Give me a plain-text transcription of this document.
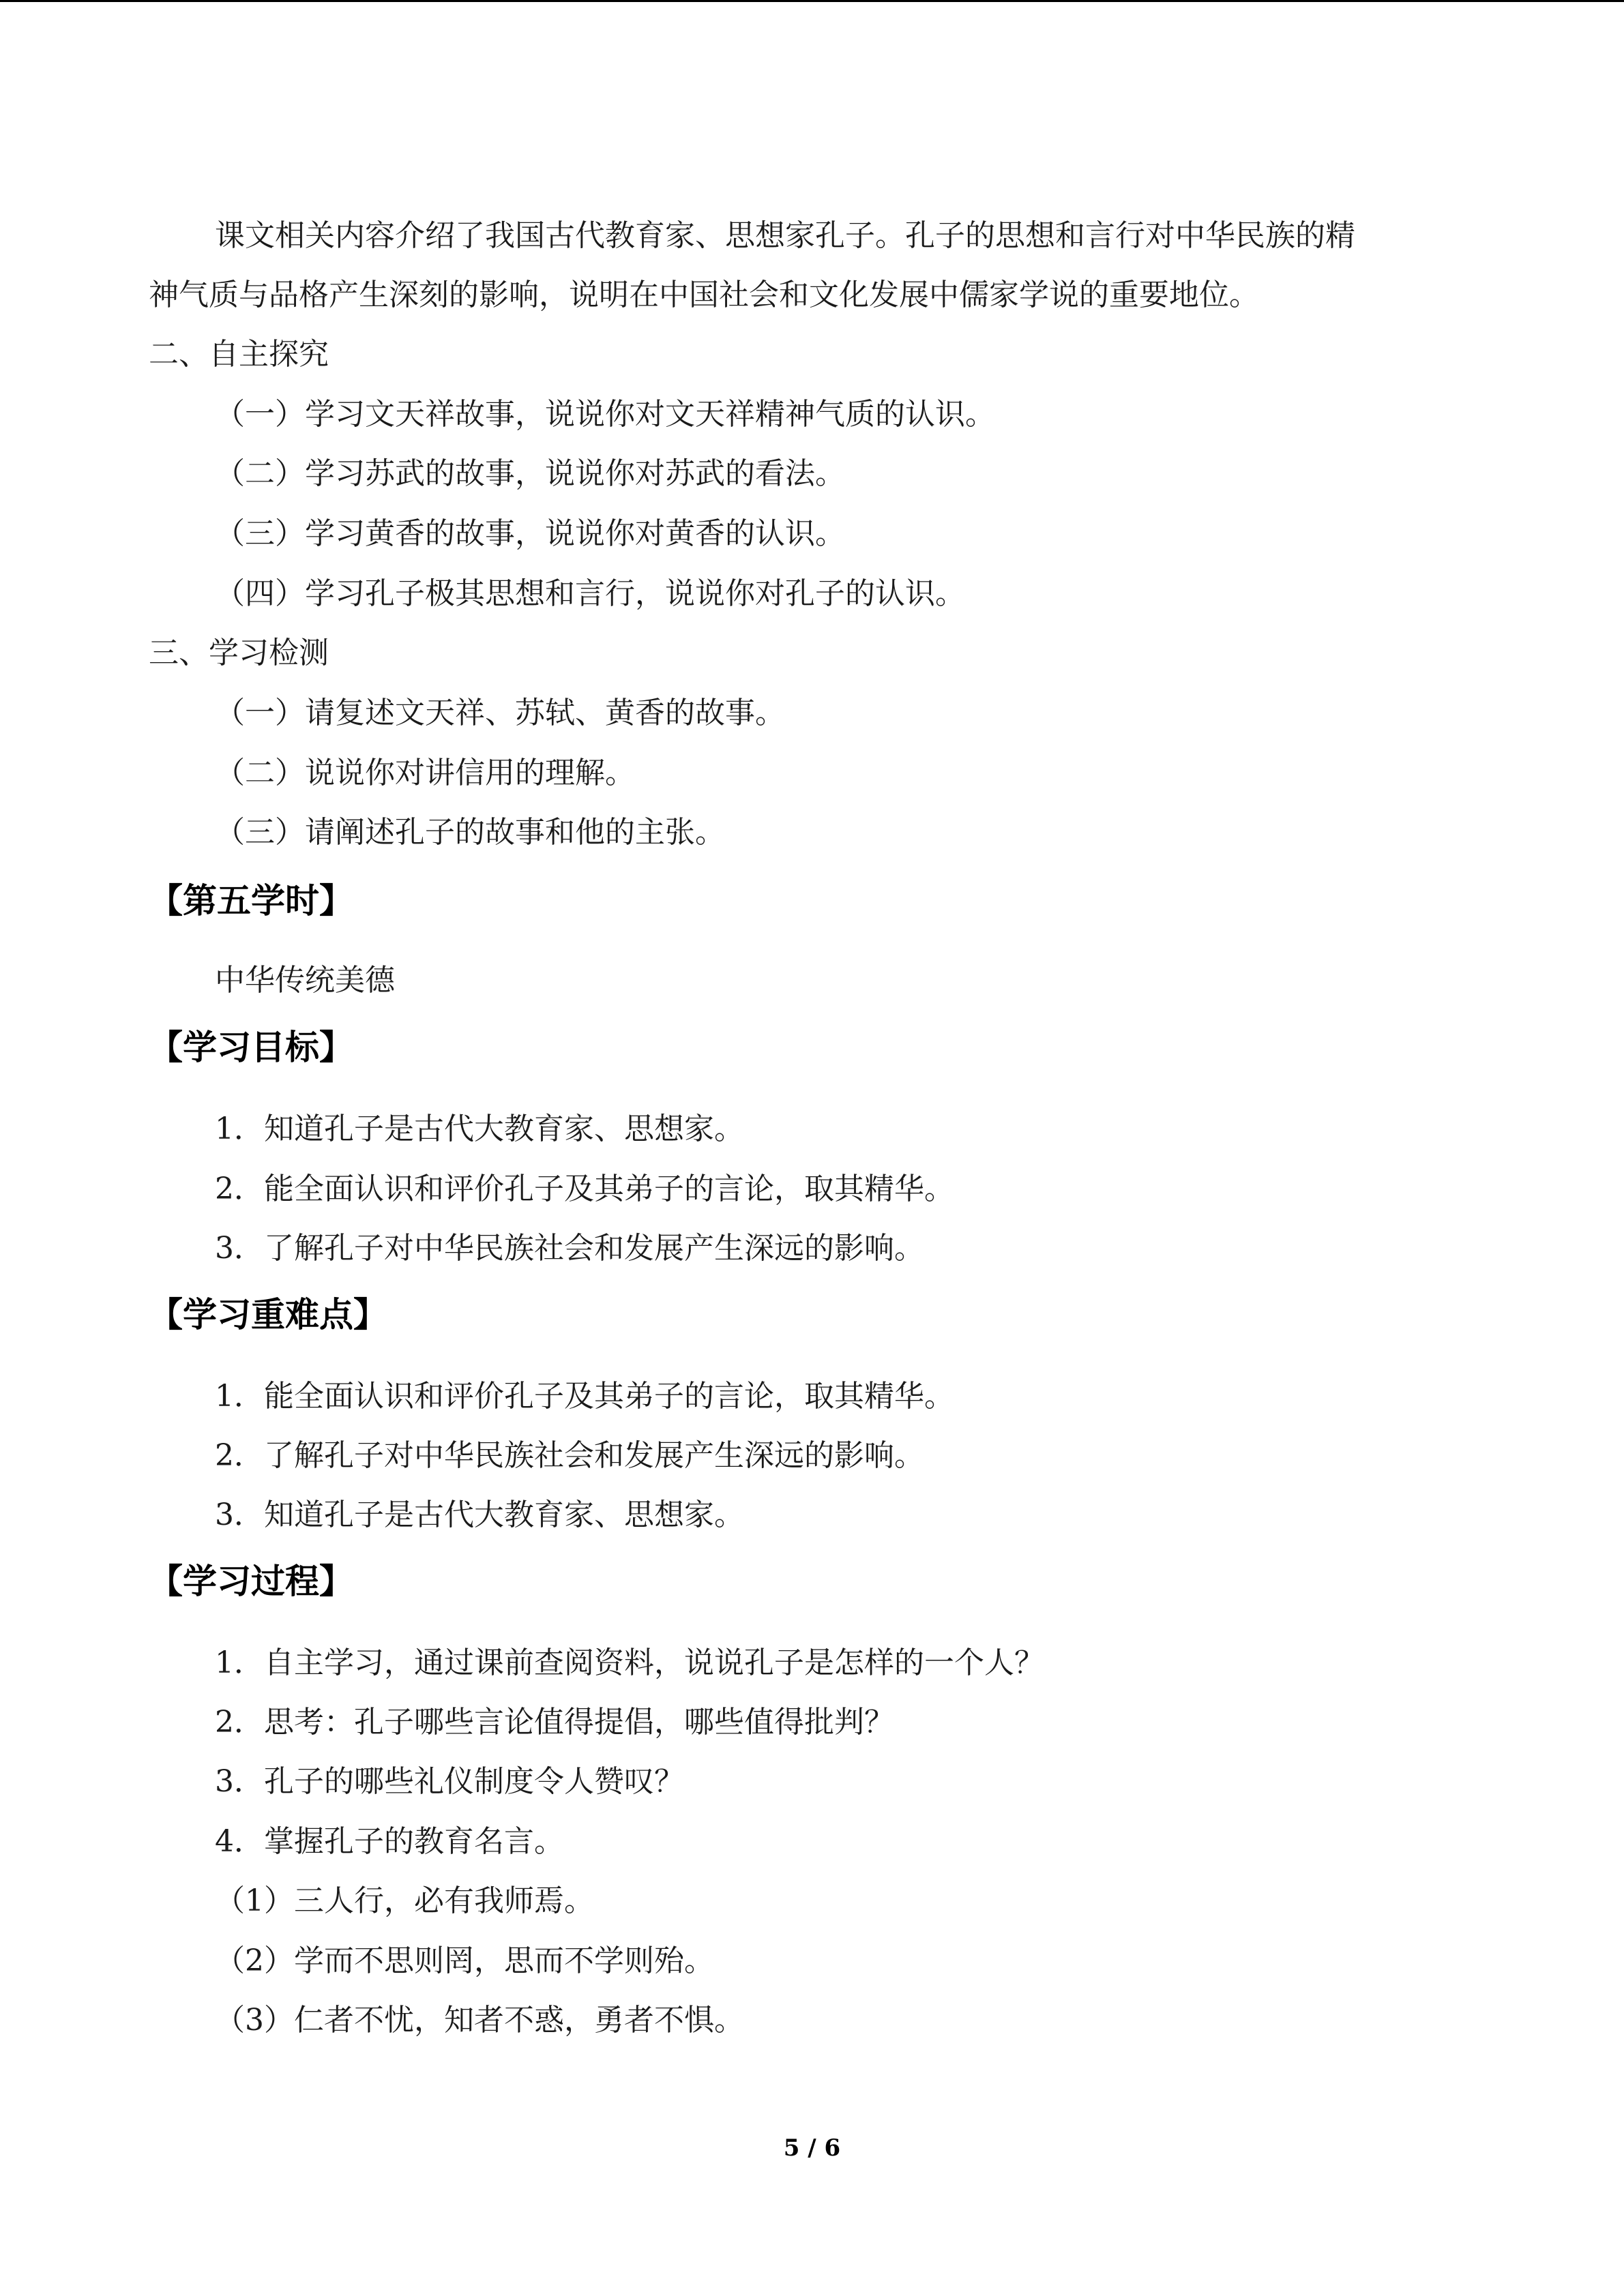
课文相关内容介绍了我国古代教育家、思想家孔子。孔子的思想和言行对中华民族的精
神气质与品格产生深刻的影响，说明在中国社会和文化发展中儒家学说的重要地位。
二、自主探究
（一）学习文天祥故事，说说你对文天祥精神气质的认识。
（二）学习苏武的故事，说说你对苏武的看法。
（三）学习黄香的故事，说说你对黄香的认识。
（四）学习孔子极其思想和言行，说说你对孔子的认识。
三、学习检测
（一）请复述文天祥、苏轼、黄香的故事。
（二）说说你对讲信用的理解。
（三）请阐述孔子的故事和他的主张。
【第五学时】
中华传统美德
【学习目标】
1．知道孔子是古代大教育家、思想家。
2．能全面认识和评价孔子及其弟子的言论，取其精华。
3．了解孔子对中华民族社会和发展产生深远的影响。
【学习重难点】
1．能全面认识和评价孔子及其弟子的言论，取其精华。
2．了解孔子对中华民族社会和发展产生深远的影响。
3．知道孔子是古代大教育家、思想家。
【学习过程】
1．自主学习，通过课前查阅资料，说说孔子是怎样的一个人？
2．思考：孔子哪些言论值得提倡，哪些值得批判？
3．孔子的哪些礼仪制度令人赞叹？
4．掌握孔子的教育名言。
（1）三人行，必有我师焉。
（2）学而不思则罔，思而不学则殆。
（3）仁者不忧，知者不惑，勇者不惧。
5 / 6
